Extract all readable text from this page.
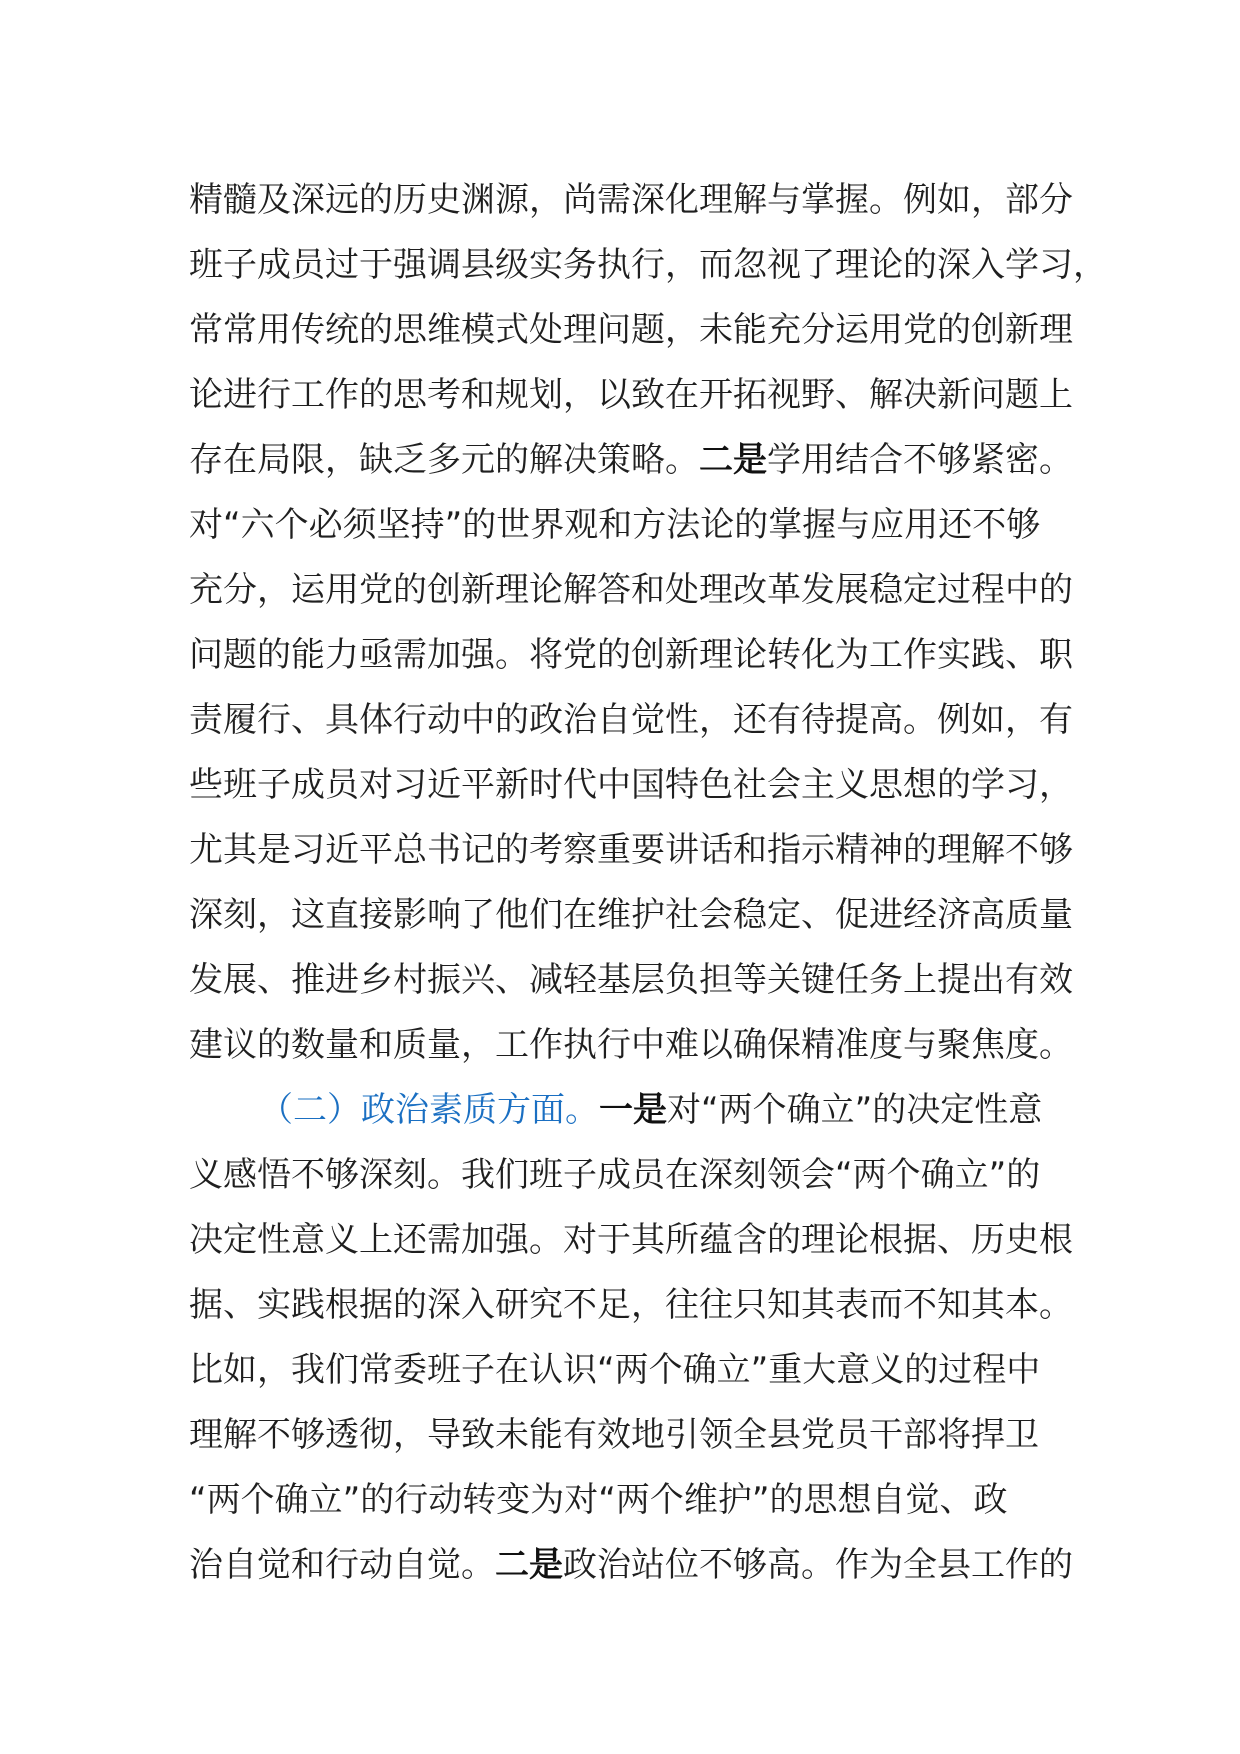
精髓及深远的历史渊源，尚需深化理解与掌握。例如，部分
班子成员过于强调县级实务执行，而忽视了理论的深入学习，
常常用传统的思维模式处理问题，未能充分运用党的创新理
论进行工作的思考和规划，以致在开拓视野、解决新问题上
存在局限，缺乏多元的解决策略。二是学用结合不够紧密。
对“六个必须坚持”的世界观和方法论的掌握与应用还不够
充分，运用党的创新理论解答和处理改革发展稳定过程中的
问题的能力亟需加强。将党的创新理论转化为工作实践、职
责履行、具体行动中的政治自觉性，还有待提高。例如，有
些班子成员对习近平新时代中国特色社会主义思想的学习，
尤其是习近平总书记的考察重要讲话和指示精神的理解不够
深刻，这直接影响了他们在维护社会稳定、促进经济高质量
发展、推进乡村振兴、减轻基层负担等关键任务上提出有效
建议的数量和质量，工作执行中难以确保精准度与聚焦度。
（二）政治素质方面。一是对“两个确立”的决定性意
义感悟不够深刻。我们班子成员在深刻领会“两个确立”的
决定性意义上还需加强。对于其所蕴含的理论根据、历史根
据、实践根据的深入研究不足，往往只知其表而不知其本。
比如，我们常委班子在认识“两个确立”重大意义的过程中
理解不够透彻，导致未能有效地引领全县党员干部将捍卫
“两个确立”的行动转变为对“两个维护”的思想自觉、政
治自觉和行动自觉。二是政治站位不够高。作为全县工作的
